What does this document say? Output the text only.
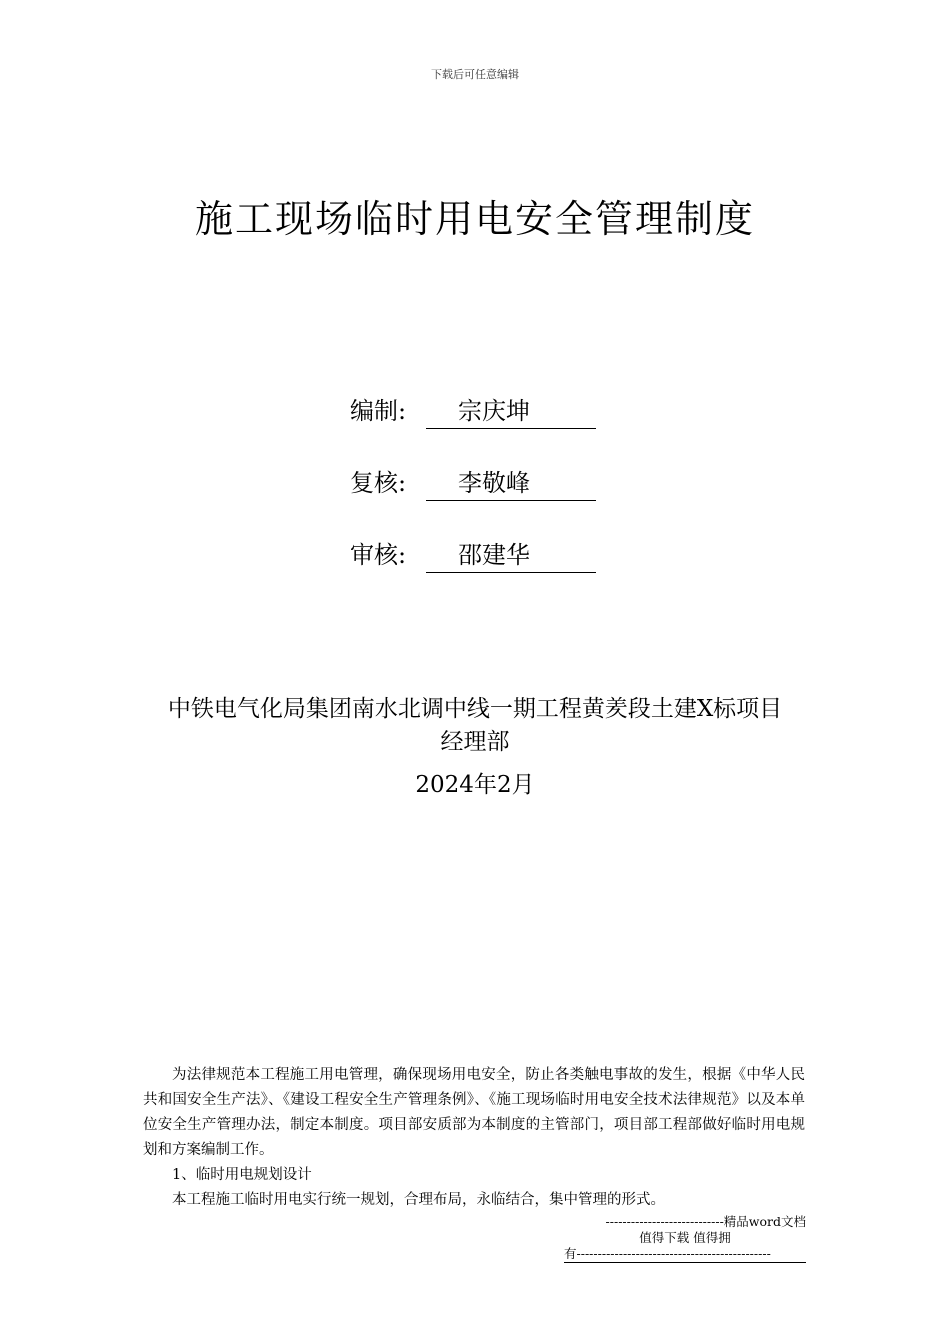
下载后可任意编辑
施工现场临时用电安全管理制度
编制: 宗庆坤
复核: 李敬峰
审核: 邵建华
中铁电气化局集团南水北调中线一期工程黄羑段土建X标项目
经理部
2024年2月

为法律规范本工程施工用电管理，确保现场用电安全，防止各类触电事故的发生，根据《中华人民共和国安全生产法》、《建设工程安全生产管理条例》、《施工现场临时用电安全技术法律规范》以及本单位安全生产管理办法，制定本制度。项目部安质部为本制度的主管部门，项目部工程部做好临时用电规划和方案编制工作。

1、临时用电规划设计

本工程施工临时用电实行统一规划，合理布局，永临结合，集中管理的形式。

----------------------------精品word文档
值得下载 值得拥
有----------------------------------------------
